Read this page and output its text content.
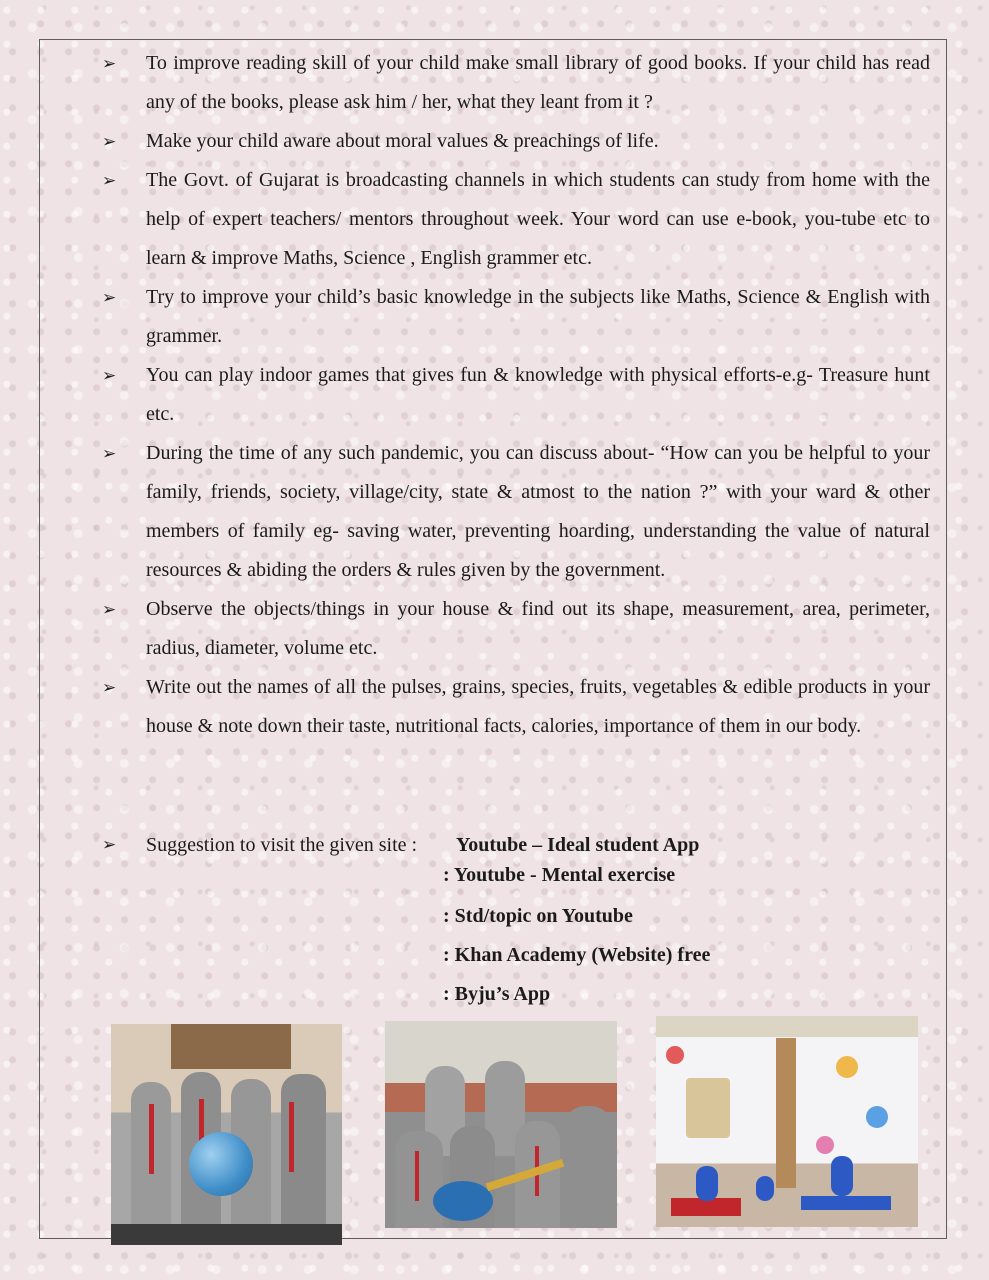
➢ To improve reading skill of your child make small library of good books. If your child has read any of the books, please ask him / her, what they leant from it ?
➢ Make your child aware about moral values & preachings of life.
➢ The Govt. of Gujarat is broadcasting channels in which students can study from home with the help of expert teachers/ mentors throughout week. Your word can use e-book, you-tube etc to learn & improve Maths, Science , English grammer etc.
➢ Try to improve your child’s basic knowledge in the subjects like Maths, Science & English with grammer.
➢ You can play indoor games that gives fun & knowledge with physical efforts-e.g- Treasure hunt etc.
➢ During the time of any such pandemic, you can discuss about- “How can you be helpful to your family, friends, society, village/city, state & atmost to the nation ?” with your ward & other members of family eg- saving water, preventing hoarding, understanding the value of natural resources & abiding the orders & rules given by the government.
➢ Observe the objects/things in your house & find out its shape, measurement, area, perimeter, radius, diameter, volume etc.
➢ Write out the names of all the pulses, grains, species, fruits, vegetables & edible products in your house & note down their taste, nutritional facts, calories, importance of them in our body.
➢ Suggestion to visit the given site :	Youtube – Ideal student App
: Youtube - Mental exercise
: Std/topic on Youtube
: Khan Academy (Website) free
: Byju’s App
